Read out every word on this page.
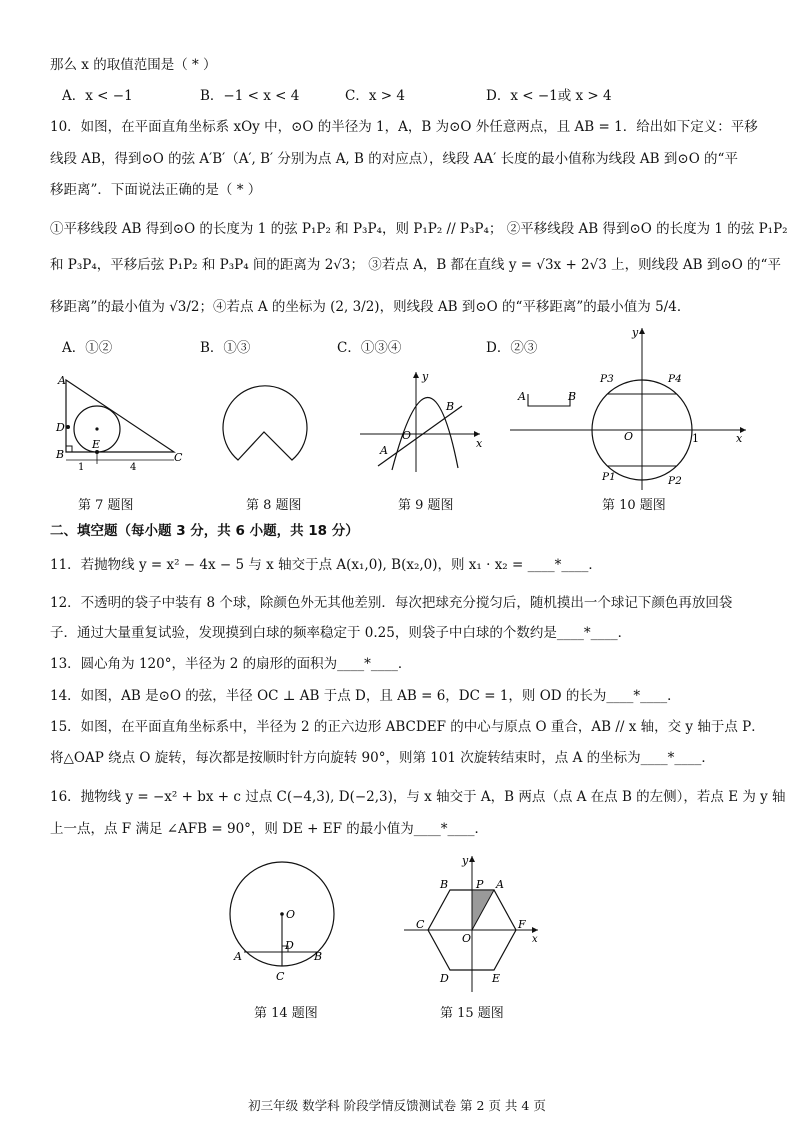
那么 x 的取值范围是（ * ）
A．x < −1	B．−1 < x < 4	C．x > 4	D．x < −1或 x > 4
10．如图，在平面直角坐标系 xOy 中，⊙O 的半径为 1，A，B 为⊙O 外任意两点，且 AB = 1．给出如下定义：平移
线段 AB，得到⊙O 的弦 A′B′（A′, B′ 分别为点 A, B 的对应点），线段 AA′ 长度的最小值称为线段 AB 到⊙O 的“平
移距离”．下面说法正确的是（ * ）
①平移线段 AB 得到⊙O 的长度为 1 的弦 P₁P₂ 和 P₃P₄，则 P₁P₂ // P₃P₄； ②平移线段 AB 得到⊙O 的长度为 1 的弦 P₁P₂
和 P₃P₄，平移后弦 P₁P₂ 和 P₃P₄ 间的距离为 2√3； ③若点 A，B 都在直线 y = √3x + 2√3 上，则线段 AB 到⊙O 的“平
移距离”的最小值为 √3/2；④若点 A 的坐标为 (2, 3/2)，则线段 AB 到⊙O 的“平移距离”的最小值为 5/4．
A．①②	B．①③	C．①③④	D．②③
A
D
E
B	C
1	4
y
B
O
A
x
y
A	B
P3	P4
O	1	x
P1	P2
第 7 题图	第 8 题图	第 9 题图	第 10 题图
二、填空题（每小题 3 分，共 6 小题，共 18 分）
11．若抛物线 y = x² − 4x − 5 与 x 轴交于点 A(x₁,0), B(x₂,0)，则 x₁ · x₂ = ____*____．
12．不透明的袋子中装有 8 个球，除颜色外无其他差别．每次把球充分搅匀后，随机摸出一个球记下颜色再放回袋
子．通过大量重复试验，发现摸到白球的频率稳定于 0.25，则袋子中白球的个数约是____*____．
13．圆心角为 120°，半径为 2 的扇形的面积为____*____．
14．如图，AB 是⊙O 的弦，半径 OC ⊥ AB 于点 D，且 AB = 6，DC = 1，则 OD 的长为____*____．
15．如图，在平面直角坐标系中，半径为 2 的正六边形 ABCDEF 的中心与原点 O 重合，AB // x 轴，交 y 轴于点 P．
将△OAP 绕点 O 旋转，每次都是按顺时针方向旋转 90°，则第 101 次旋转结束时，点 A 的坐标为____*____．
16．抛物线 y = −x² + bx + c 过点 C(−4,3), D(−2,3)，与 x 轴交于 A，B 两点（点 A 在点 B 的左侧），若点 E 为 y 轴
上一点，点 F 满足 ∠AFB = 90°，则 DE + EF 的最小值为____*____．
O
D
A
C
B
y
B	P A
C
O
F
x
D	E
第 14 题图	第 15 题图
初三年级 数学科 阶段学情反馈测试卷 第 2 页 共 4 页
